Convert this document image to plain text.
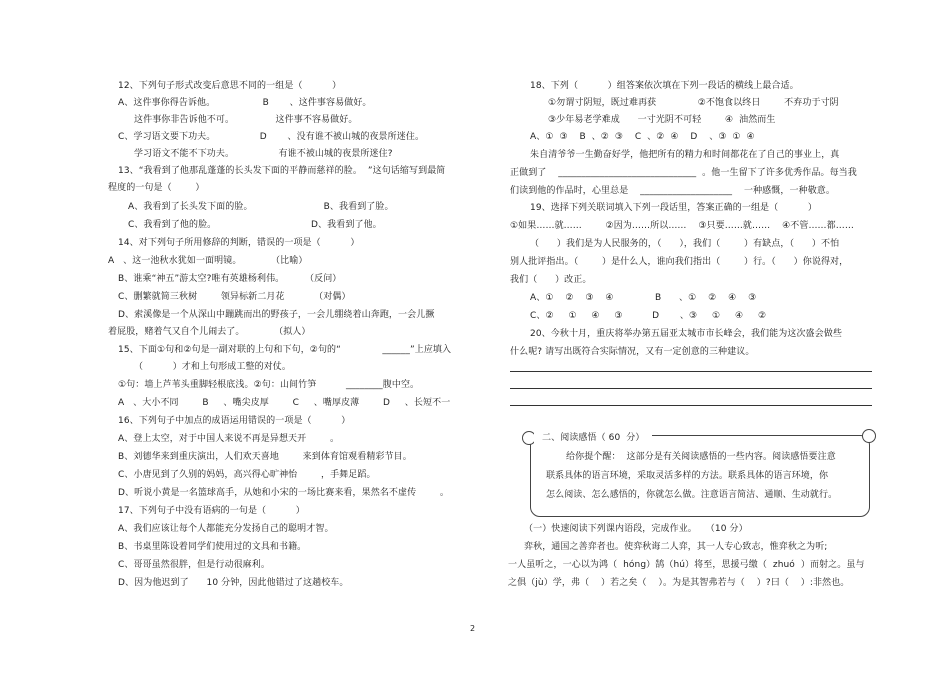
12、下列句子形式改变后意思不同的一组是（          ）
A、这件事你得告诉他。                B       、这件事容易做好。
这件事你非告诉他不可。              这件事不容易做好。
C、学习语文要下功夫。               D       、没有谁不被山城的夜景所迷住。
学习语文不能不下功夫。               有谁不被山城的夜景所迷住?
13、“我看到了他那乱蓬蓬的长头发下面的平静而慈祥的脸。  ”这句话缩写到最简
程度的一句是（        ）
A、我看到了长头发下面的脸。                        B、我看到了脸。
C、我看到了他的脸。                                D、我看到了他。
14、对下列句子所用修辞的判断，错误的一项是（          ）
A   、这一池秋水犹如一面明镜。          （比喻）
B、谁乘“神五”游太空?唯有英雄杨利伟。       （反问）
C、删繁就简三秋树        领异标新二月花          （对偶）
D、索溪像是一个从深山中蹦跳而出的野孩子，一会儿绷绕着山奔跑，一会儿撅
着屁股，赌着气又自个儿闹去了。          （拟人）
15、下面①句和②句是一副对联的上句和下句，②句的“              ______”上应填入
（          ）才和上句形成工整的对仗。
①句：墙上芦苇头重脚轻根底浅。②句：山间竹笋          ________腹中空。
A   、大小不同        B     、嘴尖皮厚        C     、嘴厚皮薄        D     、长短不一
16、下列句子中加点的成语运用错误的一项是（          ）
A、登上太空，对于中国人来说不再是异想天开        。
B、刘德华来到重庆演出，人们欢天喜地        来到体育馆观看精彩节目。
C、小唐见到了久别的妈妈，高兴得心旷神怡        ，手舞足蹈。
D、听说小黄是一名篮球高手，从她和小宋的一场比赛来看，果然名不虚传        。
17、下列句子中没有语病的一句是（          ）
A、我们应该让每个人都能充分发扬自己的聪明才智。
B、书桌里陈设着同学们使用过的文具和书籍。
C、哥哥虽然很胖，但是行动很麻利。
D、因为他迟到了      10 分钟，因此他错过了这趟校车。
18、下列（          ）组答案依次填在下列一段话的横线上最合适。
①勿谓寸阴短，既过难再获              ②不饱食以终日        不弃功于寸阴
③少年易老学难成      一寸光阴不可轻        ④  油然而生
A、①  ③    B  、②  ③    C  、②  ④    D    、③  ①  ④
朱自清爷爷一生勤奋好学，他把所有的精力和时间都花在了自己的事业上，真
正做到了    ______________________________  。他一生留下了许多优秀作品。每当我
们读到他的作品时，心里总是    ____________________    一种感慨，一种敬意。
19、选择下列关联词填入下列一段话里，答案正确的一组是（          ）
①如果……就……        ②因为……所以……    ③只要……就……    ④不管……都……
（      ）我们是为人民服务的，（      ），我们（        ）有缺点，（      ）不怕
别人批评指出。（        ）是什么人，谁向我们指出（        ）行。（      ）你说得对，
我们（      ）改正。
A、①    ②    ③    ④              B      、①    ②    ④    ③
C、②     ①     ④     ③          D       、③     ①     ④     ②
20、今秋十月，重庆将举办第五届亚太城市市长峰会，我们能为这次盛会做些
什么呢? 请写出既符合实际情况，又有一定创意的三种建议。
二、阅读感悟（ 60  分）
给你提个醒：  这部分是有关阅读感悟的一些内容。阅读感悟要注意
联系具体的语言环境，采取灵活多样的方法。联系具体的语言环境，你
怎么阅读、怎么感悟的，你就怎么做。注意语言简洁、通顺、生动就行。
（一）快速阅读下列课内语段，完成作业。   （10 分）
弈秋，通国之善弈者也。使弈秋诲二人弈，其一人专心致志，惟弈秋之为听;
一人虽听之，一心以为鸿（  hóng）鹄（hú）将至，思援弓缴（  zhuó  ）而射之。虽与
之俱（jù）学，弗（    ）若之矣（    ）。为是其智弗若与（    ）?曰（    ）:非然也。
2
